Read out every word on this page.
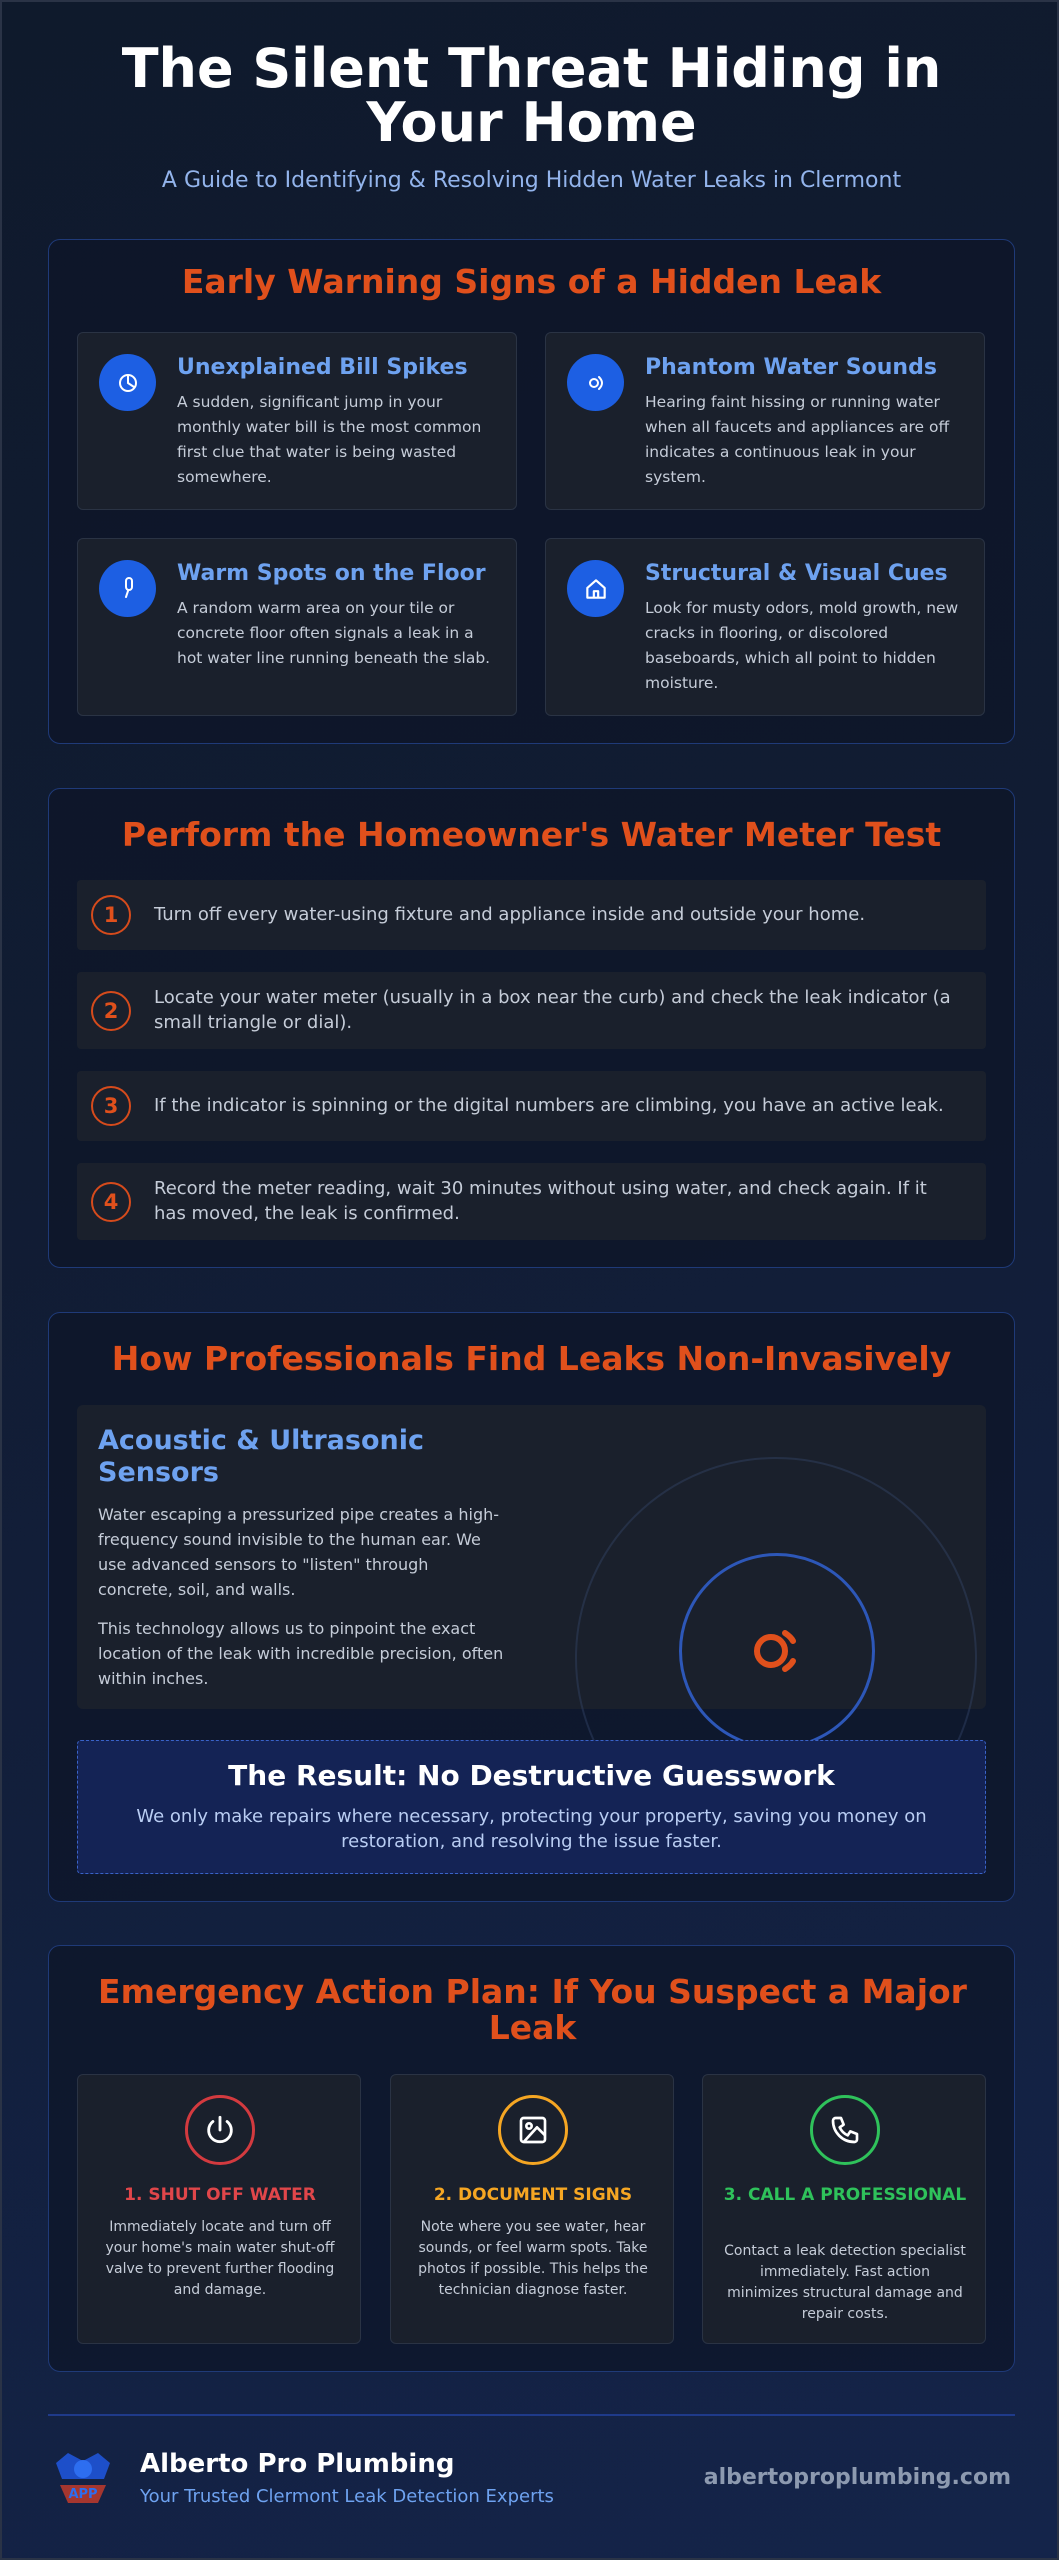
The Silent Threat Hiding in Your Home
A Guide to Identifying & Resolving Hidden Water Leaks in Clermont
Early Warning Signs of a Hidden Leak
Unexplained Bill Spikes
A sudden, significant jump in your monthly water bill is the most common first clue that water is being wasted somewhere.
Phantom Water Sounds
Hearing faint hissing or running water when all faucets and appliances are off indicates a continuous leak in your system.
Warm Spots on the Floor
A random warm area on your tile or concrete floor often signals a leak in a hot water line running beneath the slab.
Structural & Visual Cues
Look for musty odors, mold growth, new cracks in flooring, or discolored baseboards, which all point to hidden moisture.
Perform the Homeowner's Water Meter Test
1	Turn off every water-using fixture and appliance inside and outside your home.
2
Locate your water meter (usually in a box near the curb) and check the leak indicator (a small triangle or dial).
3	If the indicator is spinning or the digital numbers are climbing, you have an active leak.
4
Record the meter reading, wait 30 minutes without using water, and check again. If it has moved, the leak is confirmed.
How Professionals Find Leaks Non-Invasively
Acoustic & Ultrasonic Sensors
Water escaping a pressurized pipe creates a high-frequency sound invisible to the human ear. We use advanced sensors to "listen" through concrete, soil, and walls.
This technology allows us to pinpoint the exact location of the leak with incredible precision, often within inches.
The Result: No Destructive Guesswork
We only make repairs where necessary, protecting your property, saving you money on restoration, and resolving the issue faster.
Emergency Action Plan: If You Suspect a Major Leak
1. SHUT OFF WATER
Immediately locate and turn off your home's main water shut-off valve to prevent further flooding and damage.
2. DOCUMENT SIGNS
Note where you see water, hear sounds, or feel warm spots. Take photos if possible. This helps the technician diagnose faster.
3. CALL A PROFESSIONAL
Contact a leak detection specialist immediately. Fast action minimizes structural damage and repair costs.
APP
Alberto Pro Plumbing
Your Trusted Clermont Leak Detection Experts
albertoproplumbing.com
